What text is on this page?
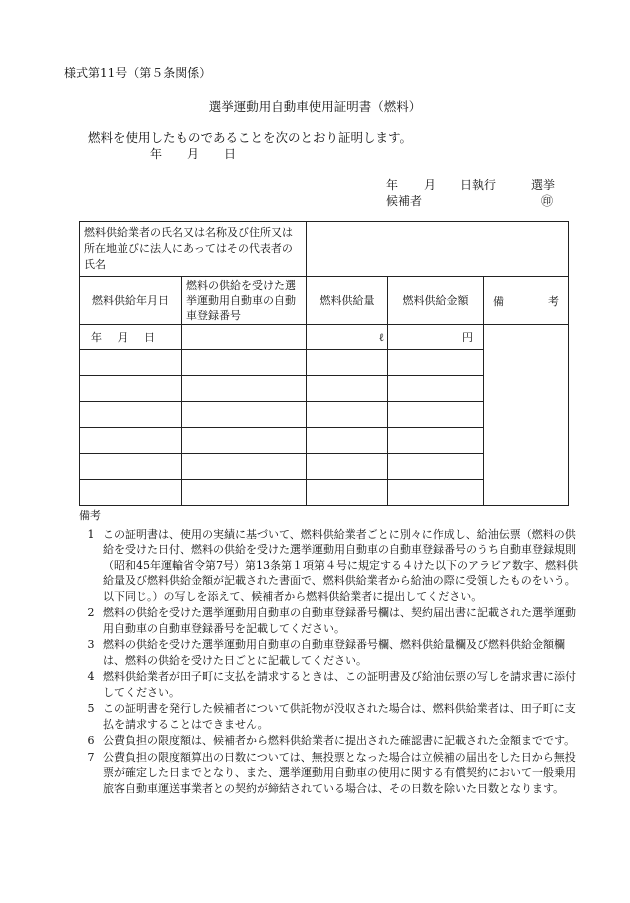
様式第11号（第５条関係）
選挙運動用自動車使用証明書（燃料）
燃料を使用したものであることを次のとおり証明します。
年 月 日
年 月 日執行	選挙
候補者	㊞
燃料供給業者の氏名又は名称及び住所又は所在地並びに法人にあってはその代表者の氏名				
燃料供給年月日	燃料の供給を受けた選挙運動用自動車の自動車登録番号	燃料供給量	燃料供給金額	備 考

年 月 日		ℓ	円	

備考
1 この証明書は、使用の実績に基づいて、燃料供給業者ごとに別々に作成し、給油伝票（燃料の供給を受けた日付、燃料の供給を受けた選挙運動用自動車の自動車登録番号のうち自動車登録規則（昭和45年運輸省令第7号）第13条第１項第４号に規定する４けた以下のアラビア数字、燃料供給量及び燃料供給金額が記載された書面で、燃料供給業者から給油の際に受領したものをいう。以下同じ。）の写しを添えて、候補者から燃料供給業者に提出してください。
2 燃料の供給を受けた選挙運動用自動車の自動車登録番号欄は、契約届出書に記載された選挙運動用自動車の自動車登録番号を記載してください。
3 燃料の供給を受けた選挙運動用自動車の自動車登録番号欄、燃料供給量欄及び燃料供給金額欄は、燃料の供給を受けた日ごとに記載してください。
4 燃料供給業者が田子町に支払を請求するときは、この証明書及び給油伝票の写しを請求書に添付してください。
5 この証明書を発行した候補者について供託物が没収された場合は、燃料供給業者は、田子町に支払を請求することはできません。
6 公費負担の限度額は、候補者から燃料供給業者に提出された確認書に記載された金額までです。
7 公費負担の限度額算出の日数については、無投票となった場合は立候補の届出をした日から無投票が確定した日までとなり、また、選挙運動用自動車の使用に関する有償契約において一般乗用旅客自動車運送事業者との契約が締結されている場合は、その日数を除いた日数となります。
